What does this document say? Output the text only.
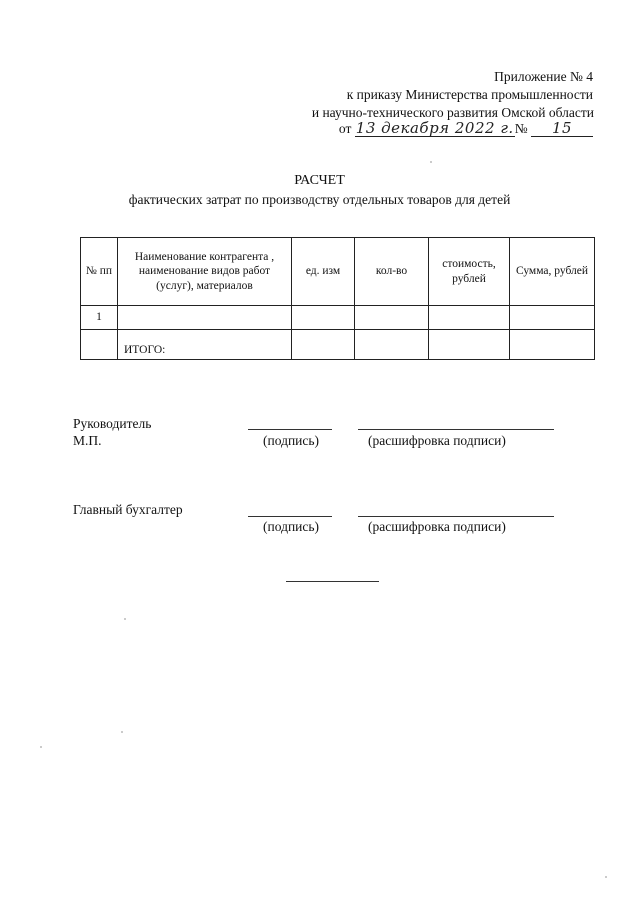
Приложение № 4
к приказу Министерства промышленности
и научно-технического развития Омской области
от 13 декабря 2022 г.№ 15
РАСЧЕТ
фактических затрат по производству отдельных товаров для детей
№ пп	Наименование контрагента , наименование видов работ (услуг), материалов	ед. изм	кол-во	стоимость, рублей	Сумма, рублей
1					
	ИТОГО:				
Руководитель
М.П.	(подпись)	(расшифровка подписи)
Главный бухгалтер
(подпись)	(расшифровка подписи)
